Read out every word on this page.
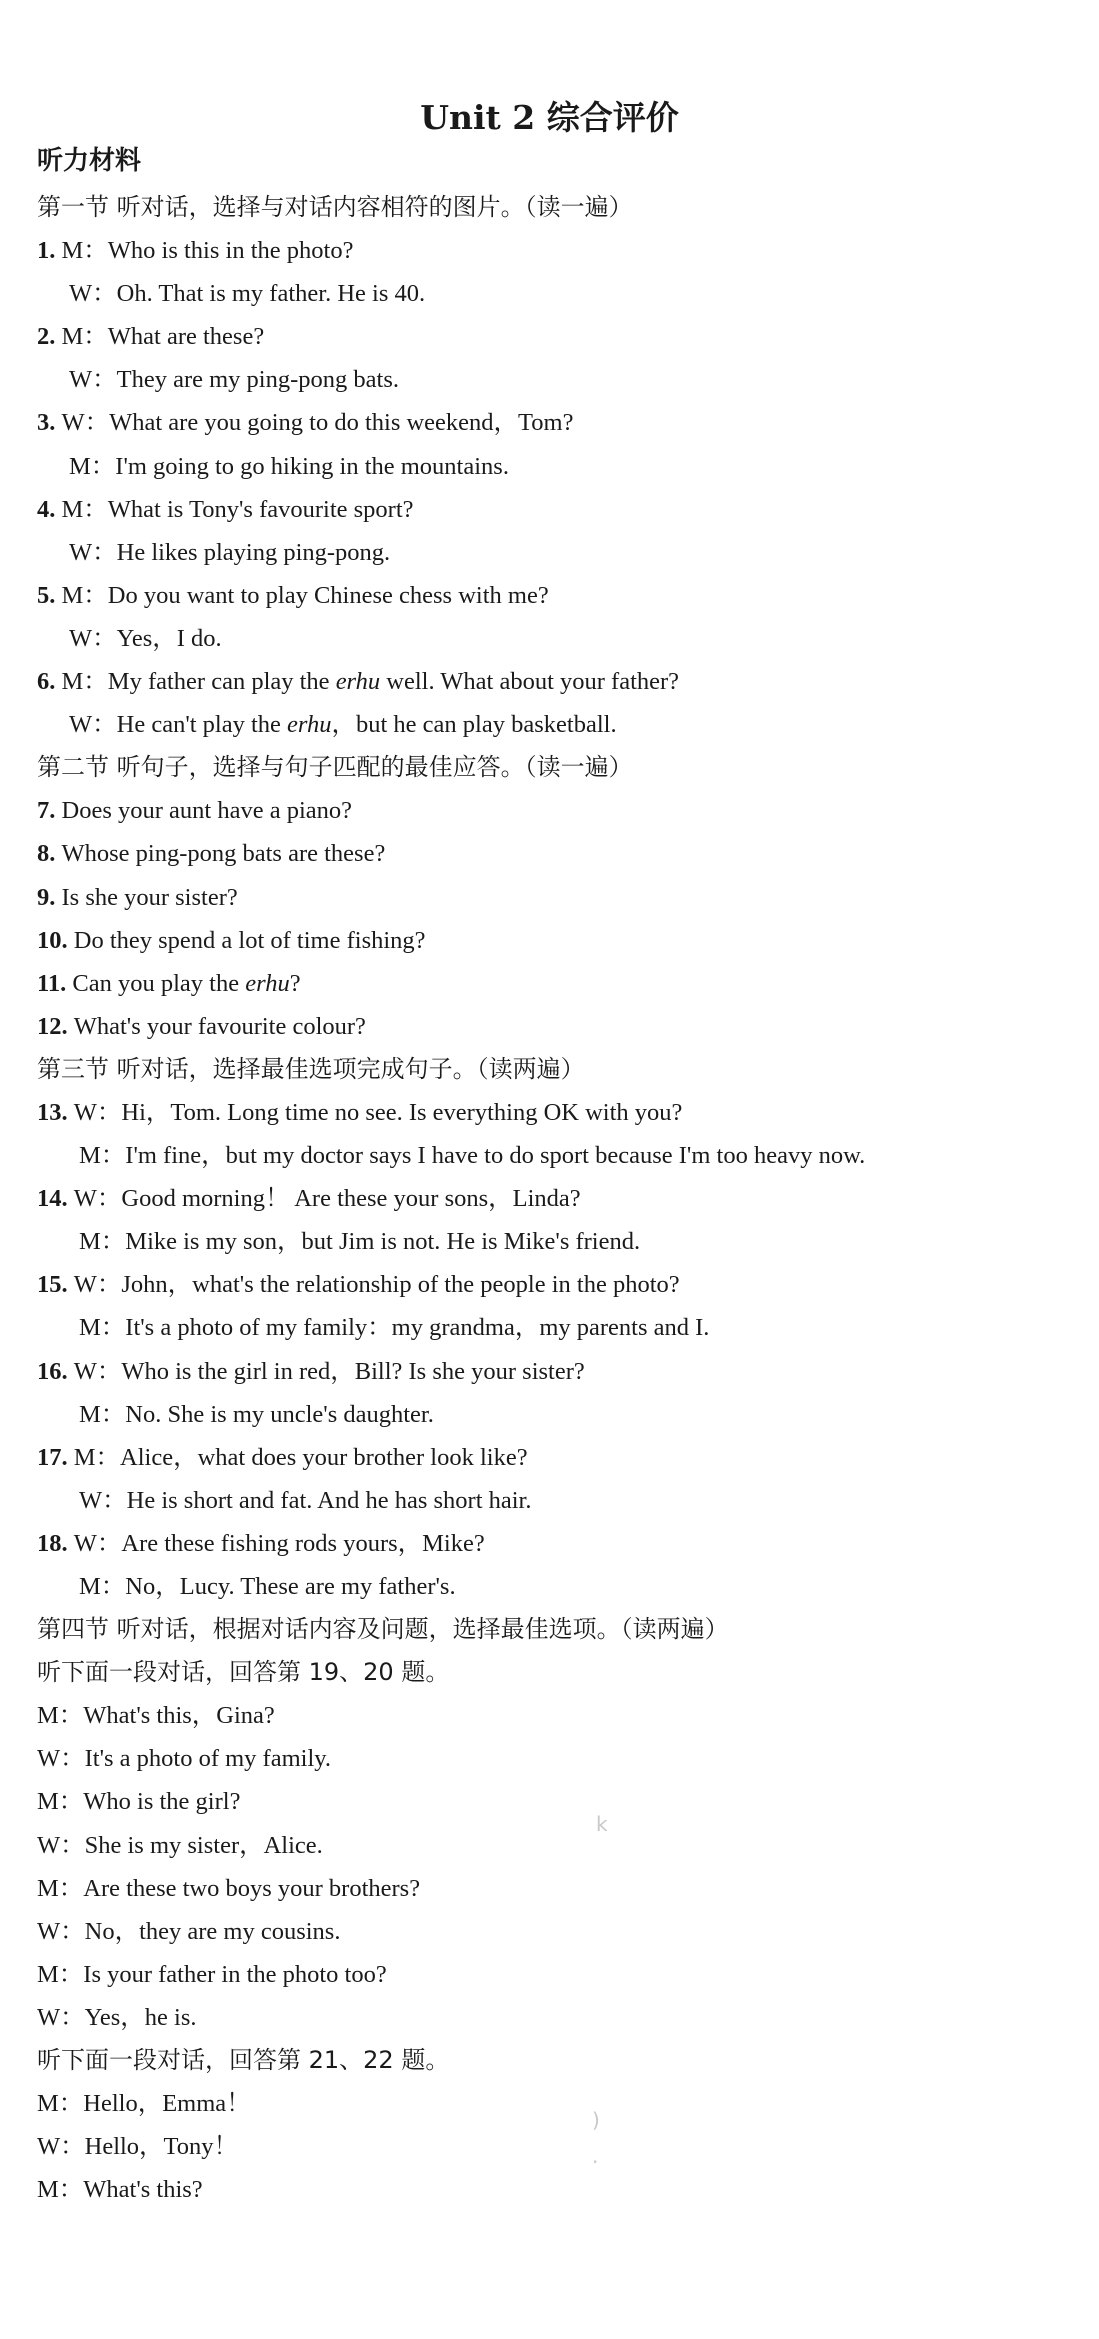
Unit 2 综合评价
听力材料
第一节 听对话，选择与对话内容相符的图片。（读一遍）
1. M：Who is this in the photo?
W：Oh. That is my father. He is 40.
2. M：What are these?
W：They are my ping-pong bats.
3. W：What are you going to do this weekend，Tom?
M：I'm going to go hiking in the mountains.
4. M：What is Tony's favourite sport?
W：He likes playing ping-pong.
5. M：Do you want to play Chinese chess with me?
W：Yes，I do.
6. M：My father can play the erhu well. What about your father?
W：He can't play the erhu，but he can play basketball.
第二节 听句子，选择与句子匹配的最佳应答。（读一遍）
7. Does your aunt have a piano?
8. Whose ping-pong bats are these?
9. Is she your sister?
10. Do they spend a lot of time fishing?
11. Can you play the erhu?
12. What's your favourite colour?
第三节 听对话，选择最佳选项完成句子。（读两遍）
13. W：Hi，Tom. Long time no see. Is everything OK with you?
M：I'm fine，but my doctor says I have to do sport because I'm too heavy now.
14. W：Good morning！ Are these your sons，Linda?
M：Mike is my son，but Jim is not. He is Mike's friend.
15. W：John，what's the relationship of the people in the photo?
M：It's a photo of my family：my grandma，my parents and I.
16. W：Who is the girl in red，Bill? Is she your sister?
M：No. She is my uncle's daughter.
17. M：Alice，what does your brother look like?
W：He is short and fat. And he has short hair.
18. W：Are these fishing rods yours，Mike?
M：No，Lucy. These are my father's.
第四节 听对话，根据对话内容及问题，选择最佳选项。（读两遍）
听下面一段对话，回答第 19、20 题。
M：What's this，Gina?
W：It's a photo of my family.
M：Who is the girl?
W：She is my sister，Alice.
M：Are these two boys your brothers?
W：No，they are my cousins.
M：Is your father in the photo too?
W：Yes，he is.
听下面一段对话，回答第 21、22 题。
M：Hello，Emma！
W：Hello，Tony！
M：What's this?
k
)
·
